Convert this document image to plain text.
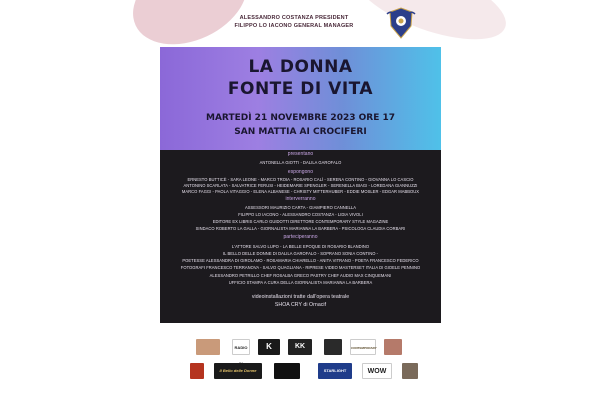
ALESSANDRO COSTANZA PRESIDENT
FILIPPO LO IACONO GENERAL MANAGER
LA DONNA
FONTE DI VITA
MARTEDÌ 21 NOVEMBRE 2023 ORE 17
SAN MATTIA AI CROCIFERI
presentano
ANTONELLA GIOTTI - DALILA GAROFALO
espongono
ERNESTO BUTTICÈ - SARA LEONE - MARCO TROIA - ROSARIO CALÌ - SERENA CONTINO - GIOVANNA LO CASCIO
ANTONINO SCARLATA - SALVATRICE FERUSI - HEIDEMARIE SPENGLER - SERENELLA BIAGI - LOREDANA GIANNUZZI
MARCO FAGGI - PAOLA VITAGGIO - ELENA ALBANESE - CHRISTY MITTERHUBER - EDDIE MOSLER - EDGAR MABBOUX
interverranno
ASSESSORI MAURIZIO CARTA - GIAMPIERO CANNELLA
FILIPPO LO IACONO - ALESSANDRO COSTANZA - LIDIA VIVOLI
EDITORE EX LIBRIS CARLO GUIDOTTI DIRETTORE CONTEMPORARY STYLE MAGAZINE
SINDACO ROBERTO LA GALLA - GIORNALISTA MARIANNA LA BARBERA - PSICOLOGA CLAUDIA CORBARI
parteciperanno
L'ATTORE SALVO LUPO - LA BELLE EPOQUE DI ROSARIO BLANDINO
IL BELLO DELLE DONNE DI DALILA GAROFALO - SOPRANO SONIA CONTINO -
POETESSE ALESSANDRA DI GIROLAMO - ROSAMARIA CHIARELLO - ANITA VITRANO - POETA FRANCESCO FEDERICO
FOTOGRAFI FRANCESCO TERRANOVA - SALVO QUAGLIANA - RIPRESE VIDEO MASTERSET ITALIA DI GIOELE PENNINO
ALESSANDRO PETRILLO CHEF ROSALBA GRECO PASTRY CHEF AUDIO MAX CINQUEMANI
UFFICIO STAMPA A CURA DELLA GIORNALISTA MARIANNA LA BARBERA
videoinstallazioni tratte dall'opera teatrale
SHOA CRY di Ornacif
RADIO	K	KK	CONTEMPORARY
Il Bello delle Donne	STARLIGHT	WOW
